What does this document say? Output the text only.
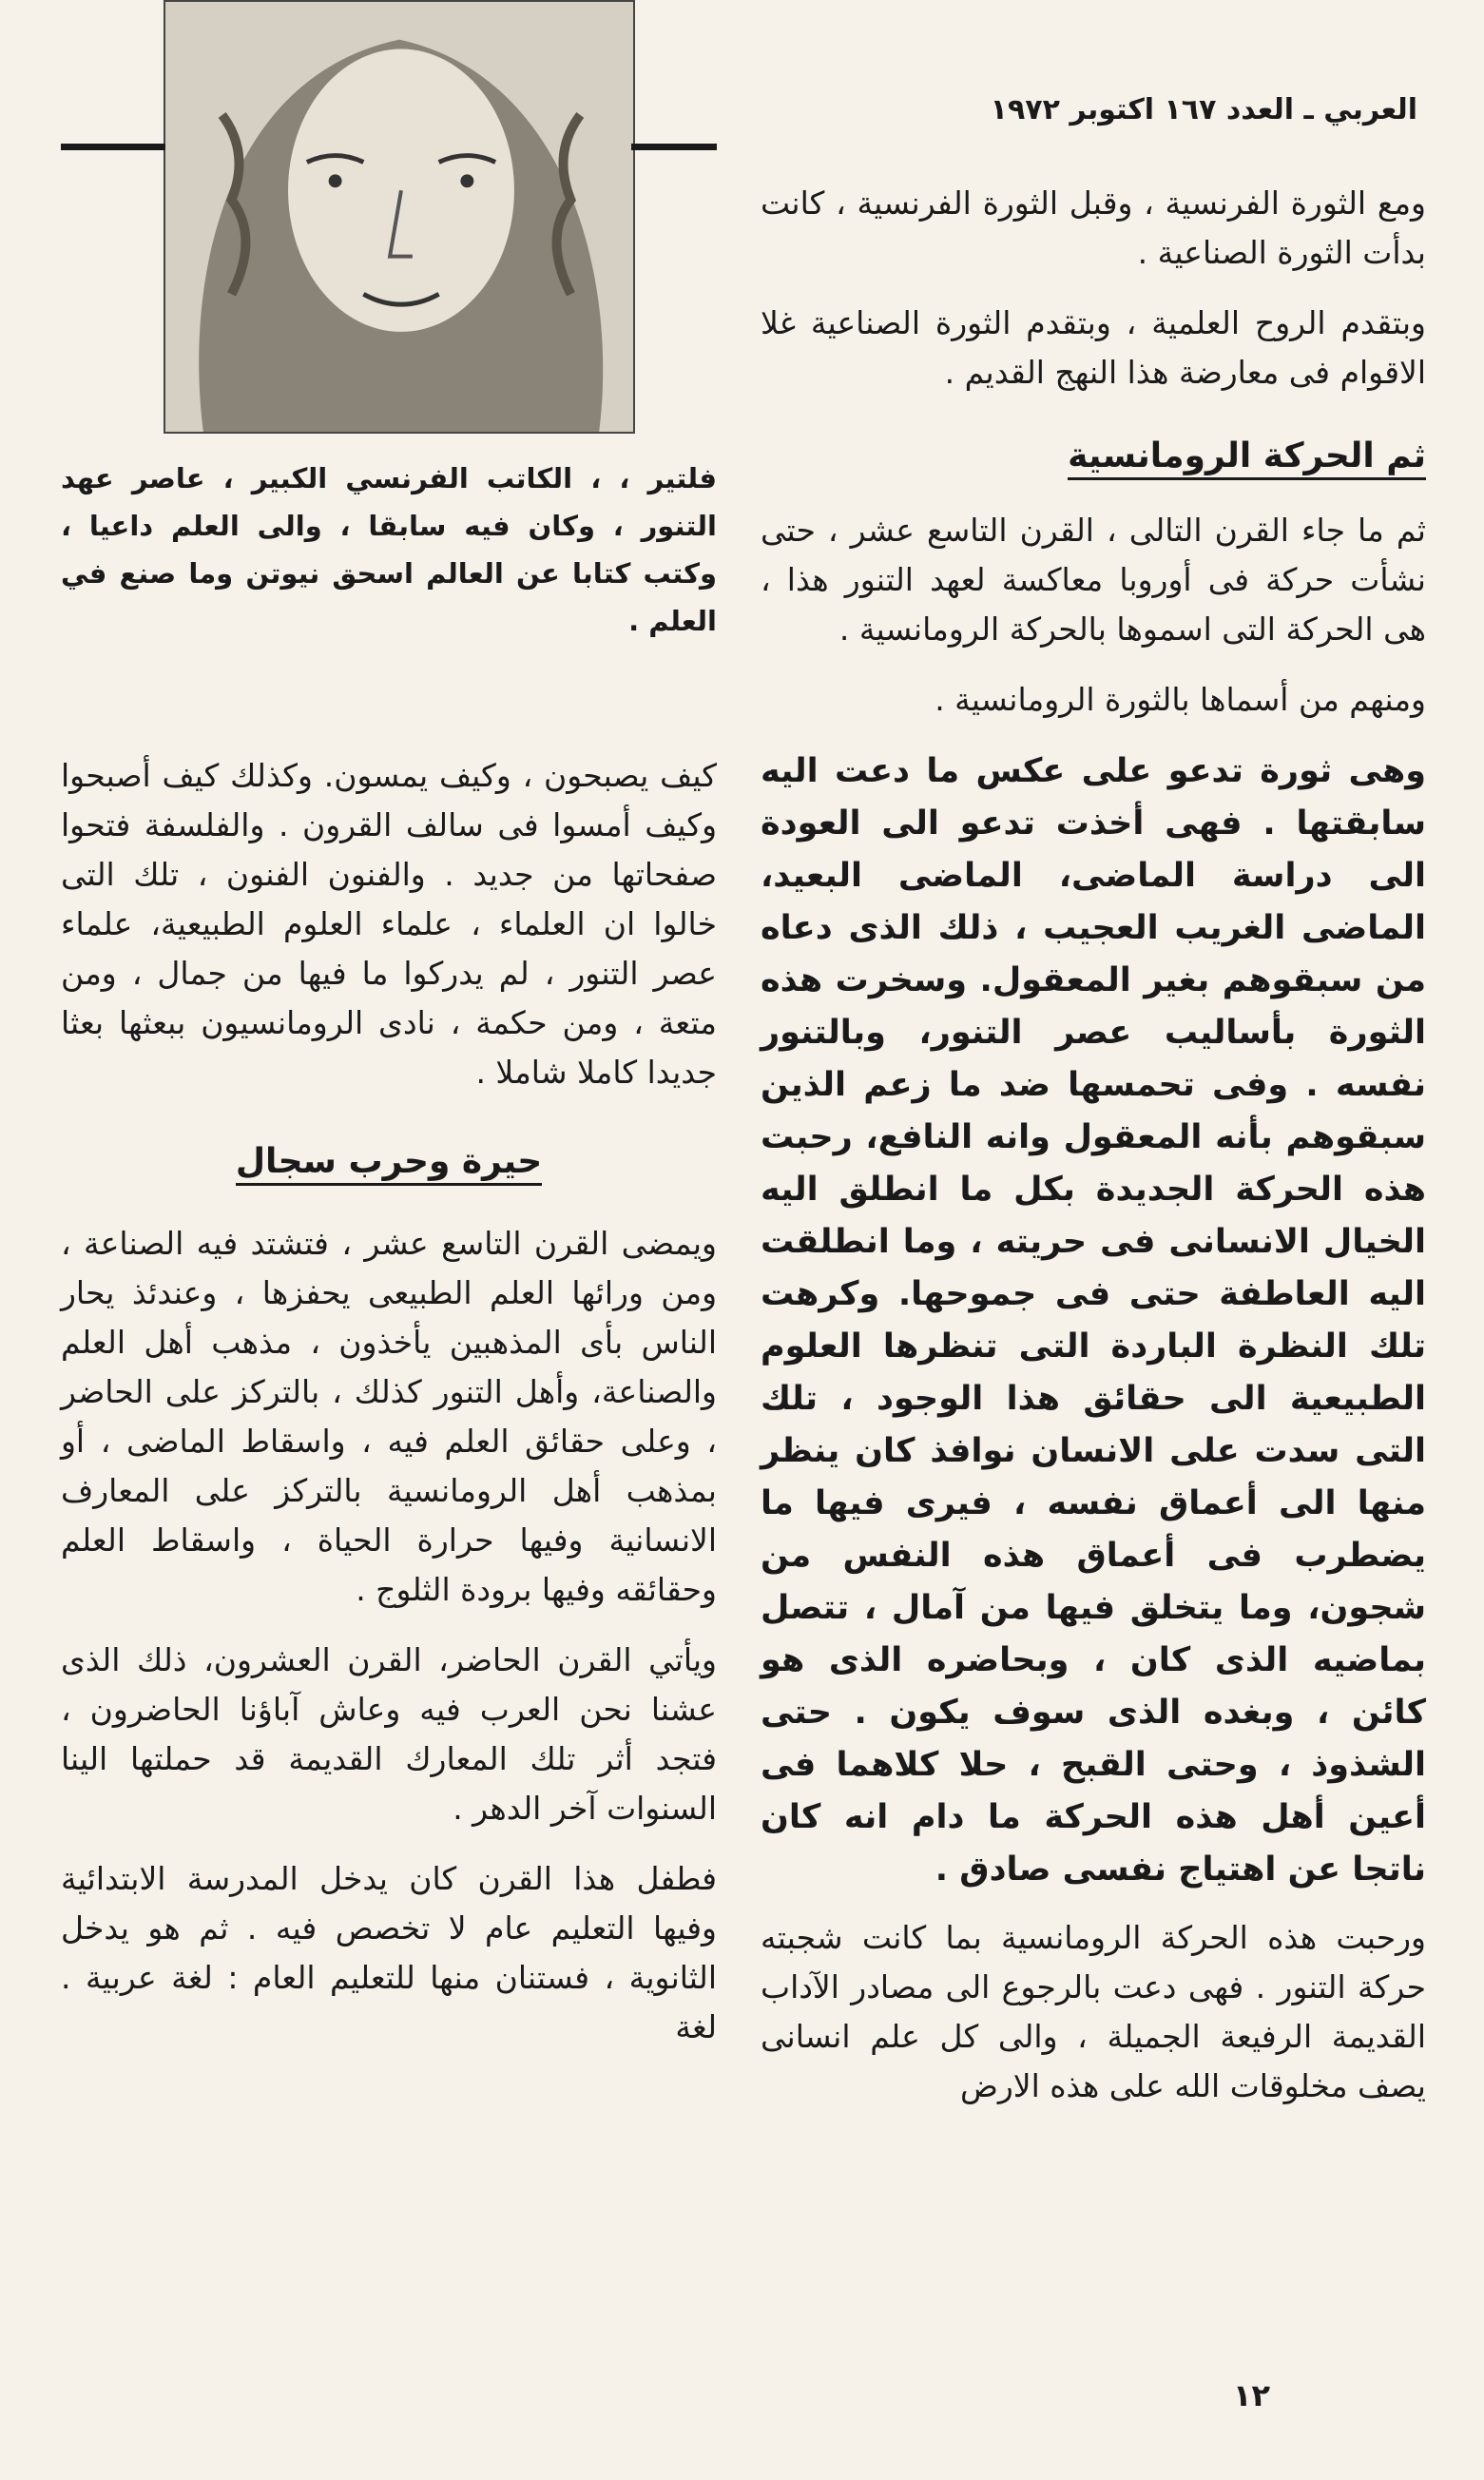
العربي ـ العدد ١٦٧ اكتوبر ١٩٧٢
فلتير ، ، الكاتب الفرنسي الكبير ، عاصر عهد التنور ، وكان فيه سابقا ، والى العلم داعيا ، وكتب كتابا عن العالم اسحق نيوتن وما صنع في العلم .

ومع الثورة الفرنسية ، وقبل الثورة الفرنسية ، كانت بدأت الثورة الصناعية .

وبتقدم الروح العلمية ، وبتقدم الثورة الصناعية غلا الاقوام فى معارضة هذا النهج القديم .

ثم الحركة الرومانسية

ثم ما جاء القرن التالى ، القرن التاسع عشر ، حتى نشأت حركة فى أوروبا معاكسة لعهد التنور هذا ، هى الحركة التى اسموها بالحركة الرومانسية .

ومنهم من أسماها بالثورة الرومانسية .

وهى ثورة تدعو على عكس ما دعت اليه سابقتها . فهى أخذت تدعو الى العودة الى دراسة الماضى، الماضى البعيد، الماضى الغريب العجيب ، ذلك الذى دعاه من سبقوهم بغير المعقول. وسخرت هذه الثورة بأساليب عصر التنور، وبالتنور نفسه . وفى تحمسها ضد ما زعم الذين سبقوهم بأنه المعقول وانه النافع، رحبت هذه الحركة الجديدة بكل ما انطلق اليه الخيال الانسانى فى حريته ، وما انطلقت اليه العاطفة حتى فى جموحها. وكرهت تلك النظرة الباردة التى تنظرها العلوم الطبيعية الى حقائق هذا الوجود ، تلك التى سدت على الانسان نوافذ كان ينظر منها الى أعماق نفسه ، فيرى فيها ما يضطرب فى أعماق هذه النفس من شجون، وما يتخلق فيها من آمال ، تتصل بماضيه الذى كان ، وبحاضره الذى هو كائن ، وبغده الذى سوف يكون . حتى الشذوذ ، وحتى القبح ، حلا كلاهما فى أعين أهل هذه الحركة ما دام انه كان ناتجا عن اهتياج نفسى صادق .

ورحبت هذه الحركة الرومانسية بما كانت شجبته حركة التنور . فهى دعت بالرجوع الى مصادر الآداب القديمة الرفيعة الجميلة ، والى كل علم انسانى يصف مخلوقات الله على هذه الارض

كيف يصبحون ، وكيف يمسون. وكذلك كيف أصبحوا وكيف أمسوا فى سالف القرون . والفلسفة فتحوا صفحاتها من جديد . والفنون الفنون ، تلك التى خالوا ان العلماء ، علماء العلوم الطبيعية، علماء عصر التنور ، لم يدركوا ما فيها من جمال ، ومن متعة ، ومن حكمة ، نادى الرومانسيون ببعثها بعثا جديدا كاملا شاملا .

حيرة وحرب سجال

ويمضى القرن التاسع عشر ، فتشتد فيه الصناعة ، ومن ورائها العلم الطبيعى يحفزها ، وعندئذ يحار الناس بأى المذهبين يأخذون ، مذهب أهل العلم والصناعة، وأهل التنور كذلك ، بالتركز على الحاضر ، وعلى حقائق العلم فيه ، واسقاط الماضى ، أو بمذهب أهل الرومانسية بالتركز على المعارف الانسانية وفيها حرارة الحياة ، واسقاط العلم وحقائقه وفيها برودة الثلوج .

ويأتي القرن الحاضر، القرن العشرون، ذلك الذى عشنا نحن العرب فيه وعاش آباؤنا الحاضرون ، فتجد أثر تلك المعارك القديمة قد حملتها الينا السنوات آخر الدهر .

فطفل هذا القرن كان يدخل المدرسة الابتدائية وفيها التعليم عام لا تخصص فيه . ثم هو يدخل الثانوية ، فستنان منها للتعليم العام : لغة عربية . لغة

١٢
